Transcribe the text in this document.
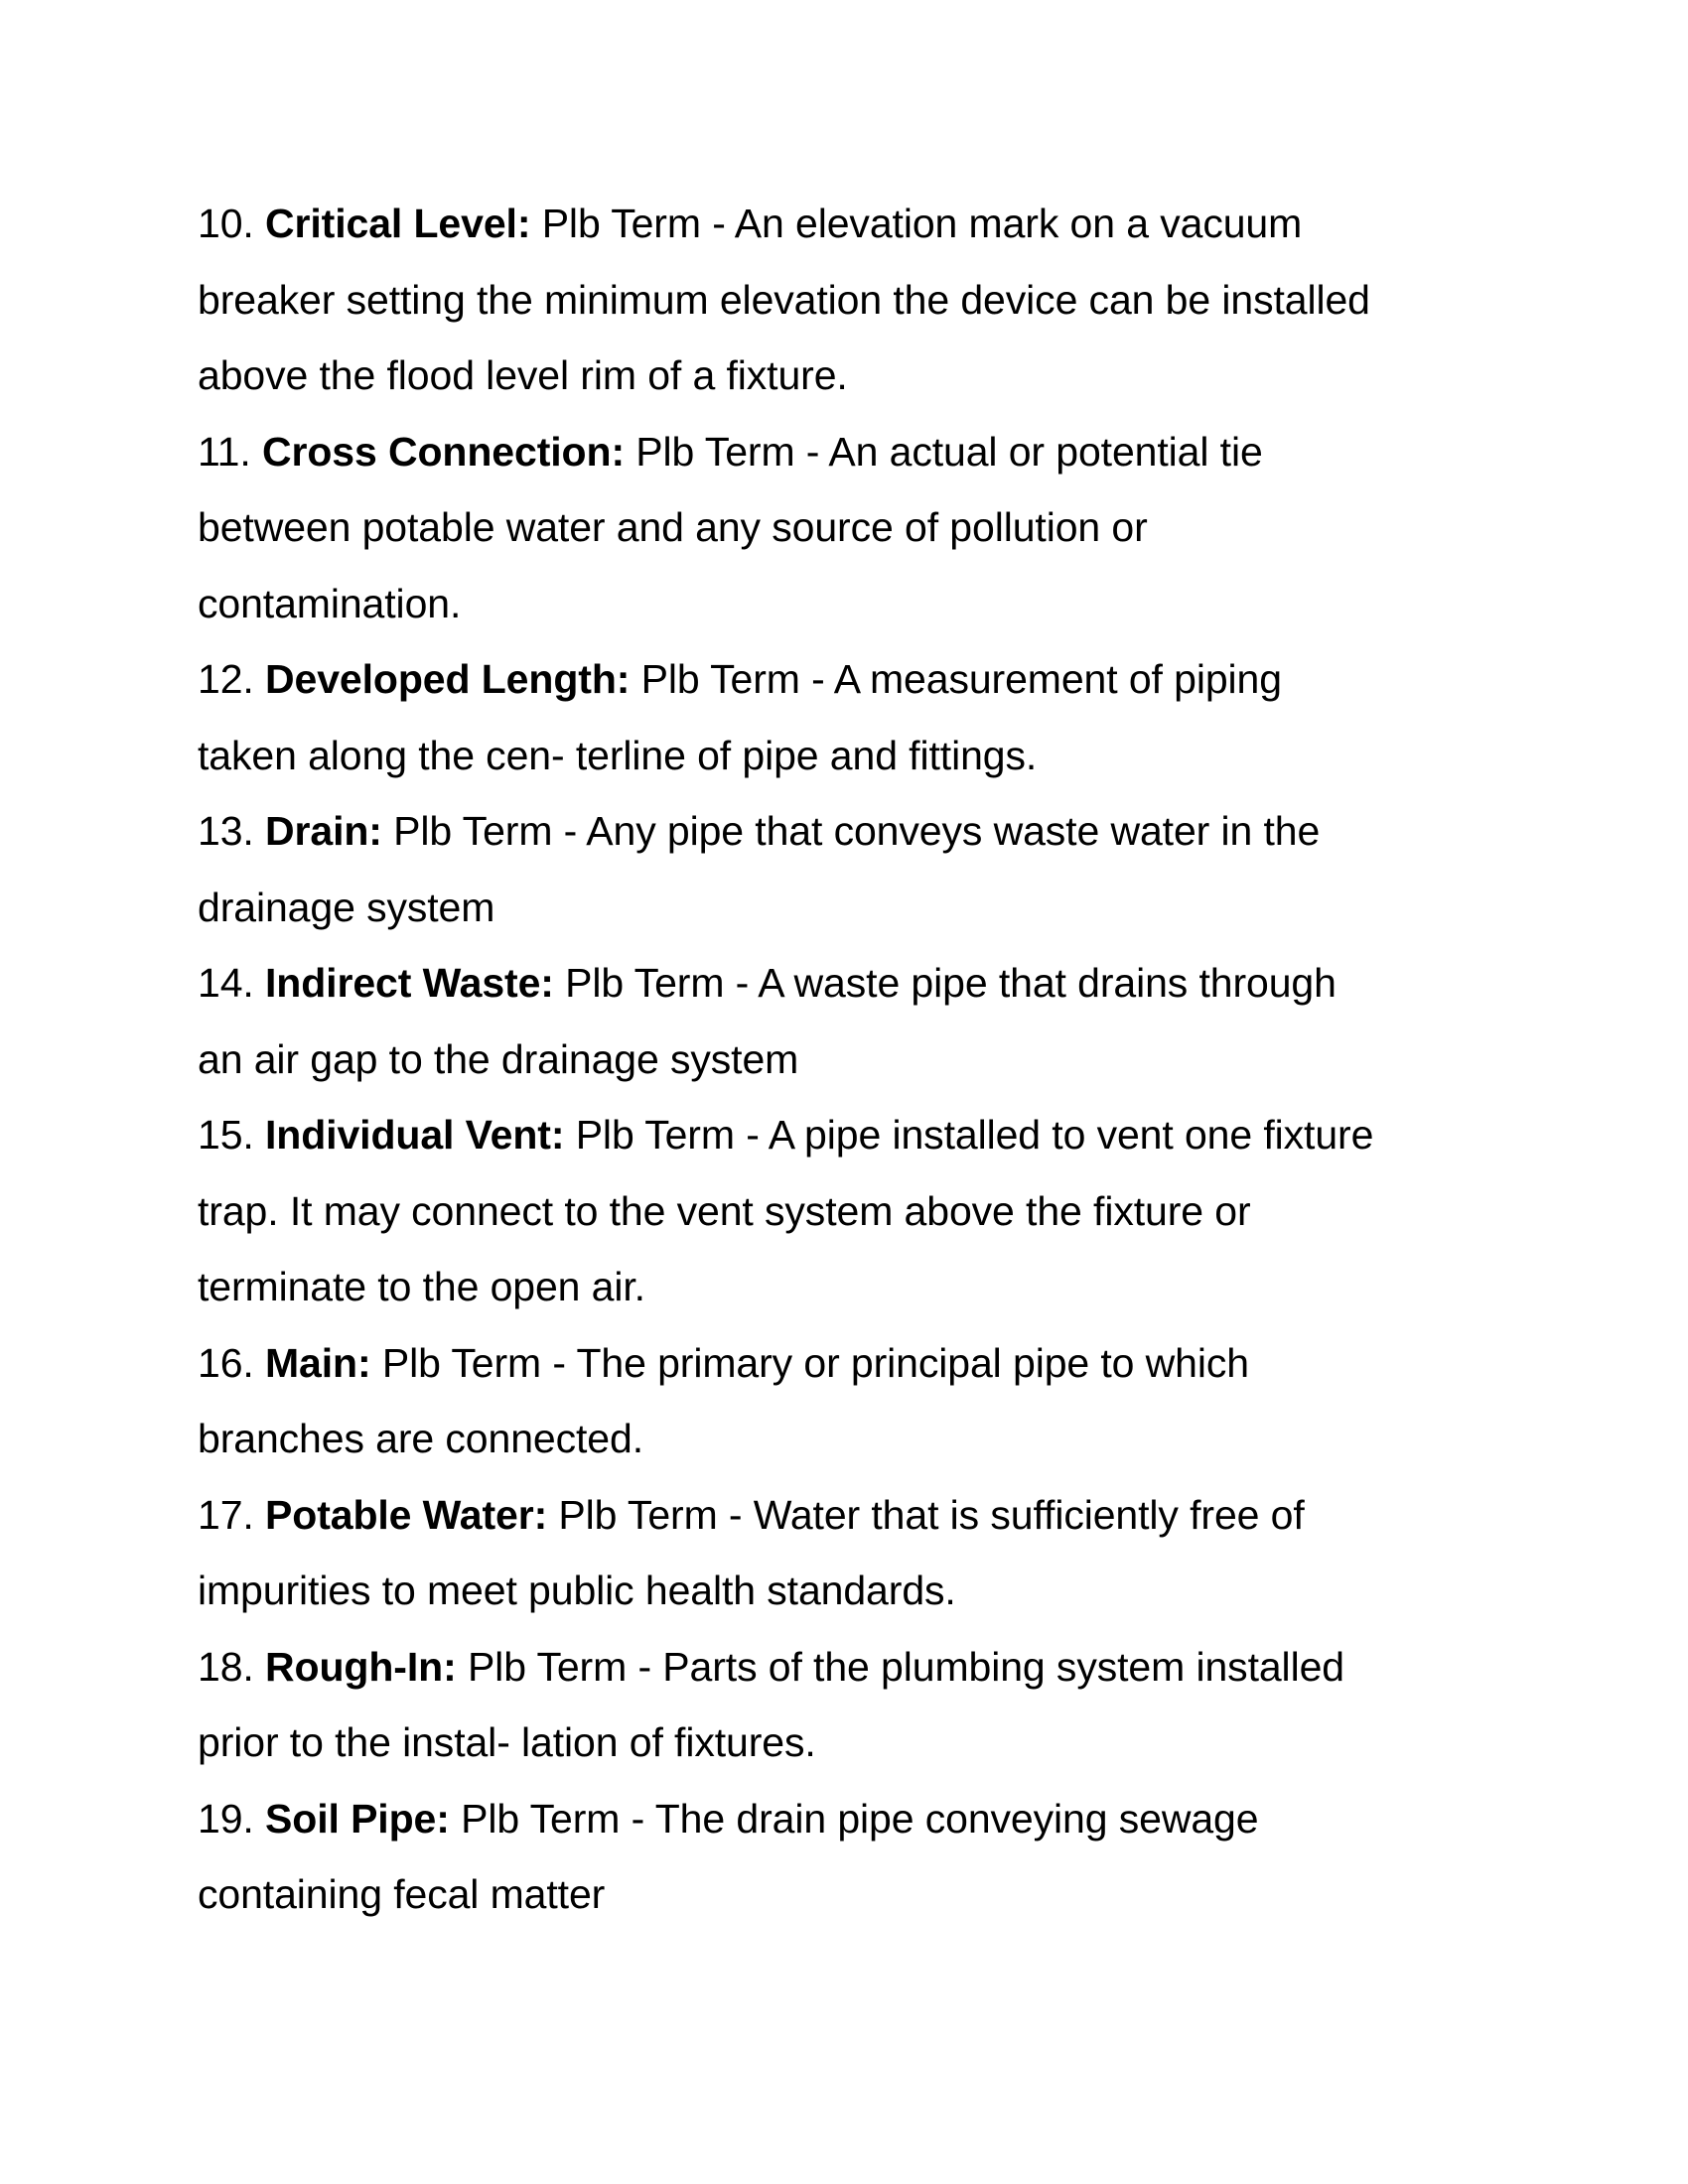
10. Critical Level: Plb Term - An elevation mark on a vacuum
breaker setting the minimum elevation the device can be installed
above the flood level rim of a fixture.
11. Cross Connection: Plb Term - An actual or potential tie
between potable water and any source of pollution or
contamination.
12. Developed Length: Plb Term - A measurement of piping
taken along the cen- terline of pipe and fittings.
13. Drain: Plb Term - Any pipe that conveys waste water in the
drainage system
14. Indirect Waste: Plb Term - A waste pipe that drains through
an air gap to the drainage system
15. Individual Vent: Plb Term - A pipe installed to vent one fixture
trap. It may connect to the vent system above the fixture or
terminate to the open air.
16. Main: Plb Term - The primary or principal pipe to which
branches are connected.
17. Potable Water: Plb Term - Water that is sufficiently free of
impurities to meet public health standards.
18. Rough-In: Plb Term - Parts of the plumbing system installed
prior to the instal- lation of fixtures.
19. Soil Pipe: Plb Term - The drain pipe conveying sewage
containing fecal matter
